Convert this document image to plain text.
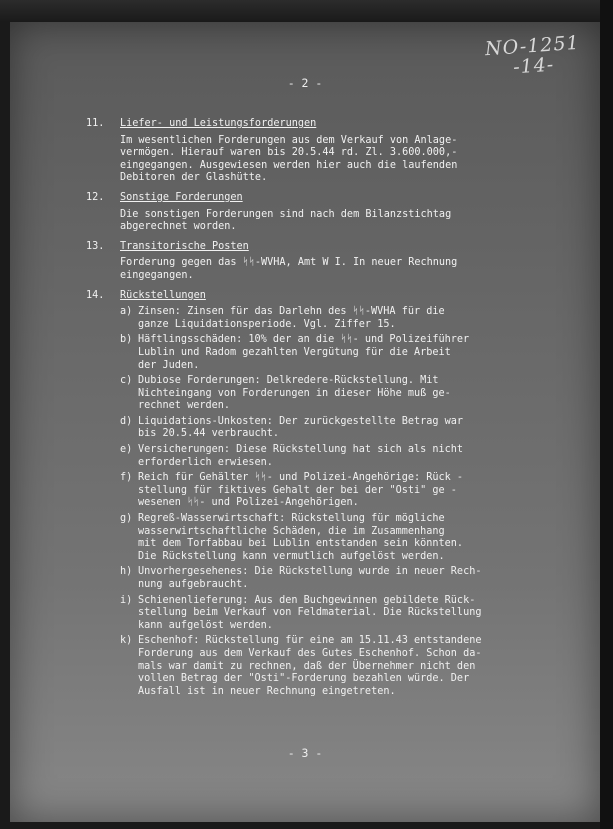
NO-1251
-14-
- 2 -
11.	Liefer- und Leistungsforderungen
Im wesentlichen Forderungen aus dem Verkauf von Anlage-
vermögen. Hierauf waren bis 20.5.44 rd. Zl. 3.600.000,-
eingegangen. Ausgewiesen werden hier auch die laufenden
Debitoren der Glashütte.
12.	Sonstige Forderungen
Die sonstigen Forderungen sind nach dem Bilanzstichtag
abgerechnet worden.
13.	Transitorische Posten
Forderung gegen das ᛋᛋ-WVHA, Amt W I. In neuer Rechnung
eingegangen.
14.	Rückstellungen
a) Zinsen: Zinsen für das Darlehn des ᛋᛋ-WVHA für die
ganze Liquidationsperiode. Vgl. Ziffer 15.
b) Häftlingsschäden: 10% der an die ᛋᛋ- und Polizeiführer
Lublin und Radom gezahlten Vergütung für die Arbeit
der Juden.
c) Dubiose Forderungen: Delkredere-Rückstellung. Mit
Nichteingang von Forderungen in dieser Höhe muß ge-
rechnet werden.
d) Liquidations-Unkosten: Der zurückgestellte Betrag war
bis 20.5.44 verbraucht.
e) Versicherungen: Diese Rückstellung hat sich als nicht
erforderlich erwiesen.
f) Reich für Gehälter ᛋᛋ- und Polizei-Angehörige: Rück -
stellung für fiktives Gehalt der bei der "Osti" ge -
wesenen ᛋᛋ- und Polizei-Angehörigen.
g) Regreß-Wasserwirtschaft: Rückstellung für mögliche
wasserwirtschaftliche Schäden, die im Zusammenhang
mit dem Torfabbau bei Lublin entstanden sein könnten.
Die Rückstellung kann vermutlich aufgelöst werden.
h) Unvorhergesehenes: Die Rückstellung wurde in neuer Rech-
nung aufgebraucht.
i) Schienenlieferung: Aus den Buchgewinnen gebildete Rück-
stellung beim Verkauf von Feldmaterial. Die Rückstellung
kann aufgelöst werden.
k) Eschenhof: Rückstellung für eine am 15.11.43 entstandene
Forderung aus dem Verkauf des Gutes Eschenhof. Schon da-
mals war damit zu rechnen, daß der Übernehmer nicht den
vollen Betrag der "Osti"-Forderung bezahlen würde. Der
Ausfall ist in neuer Rechnung eingetreten.
- 3 -
